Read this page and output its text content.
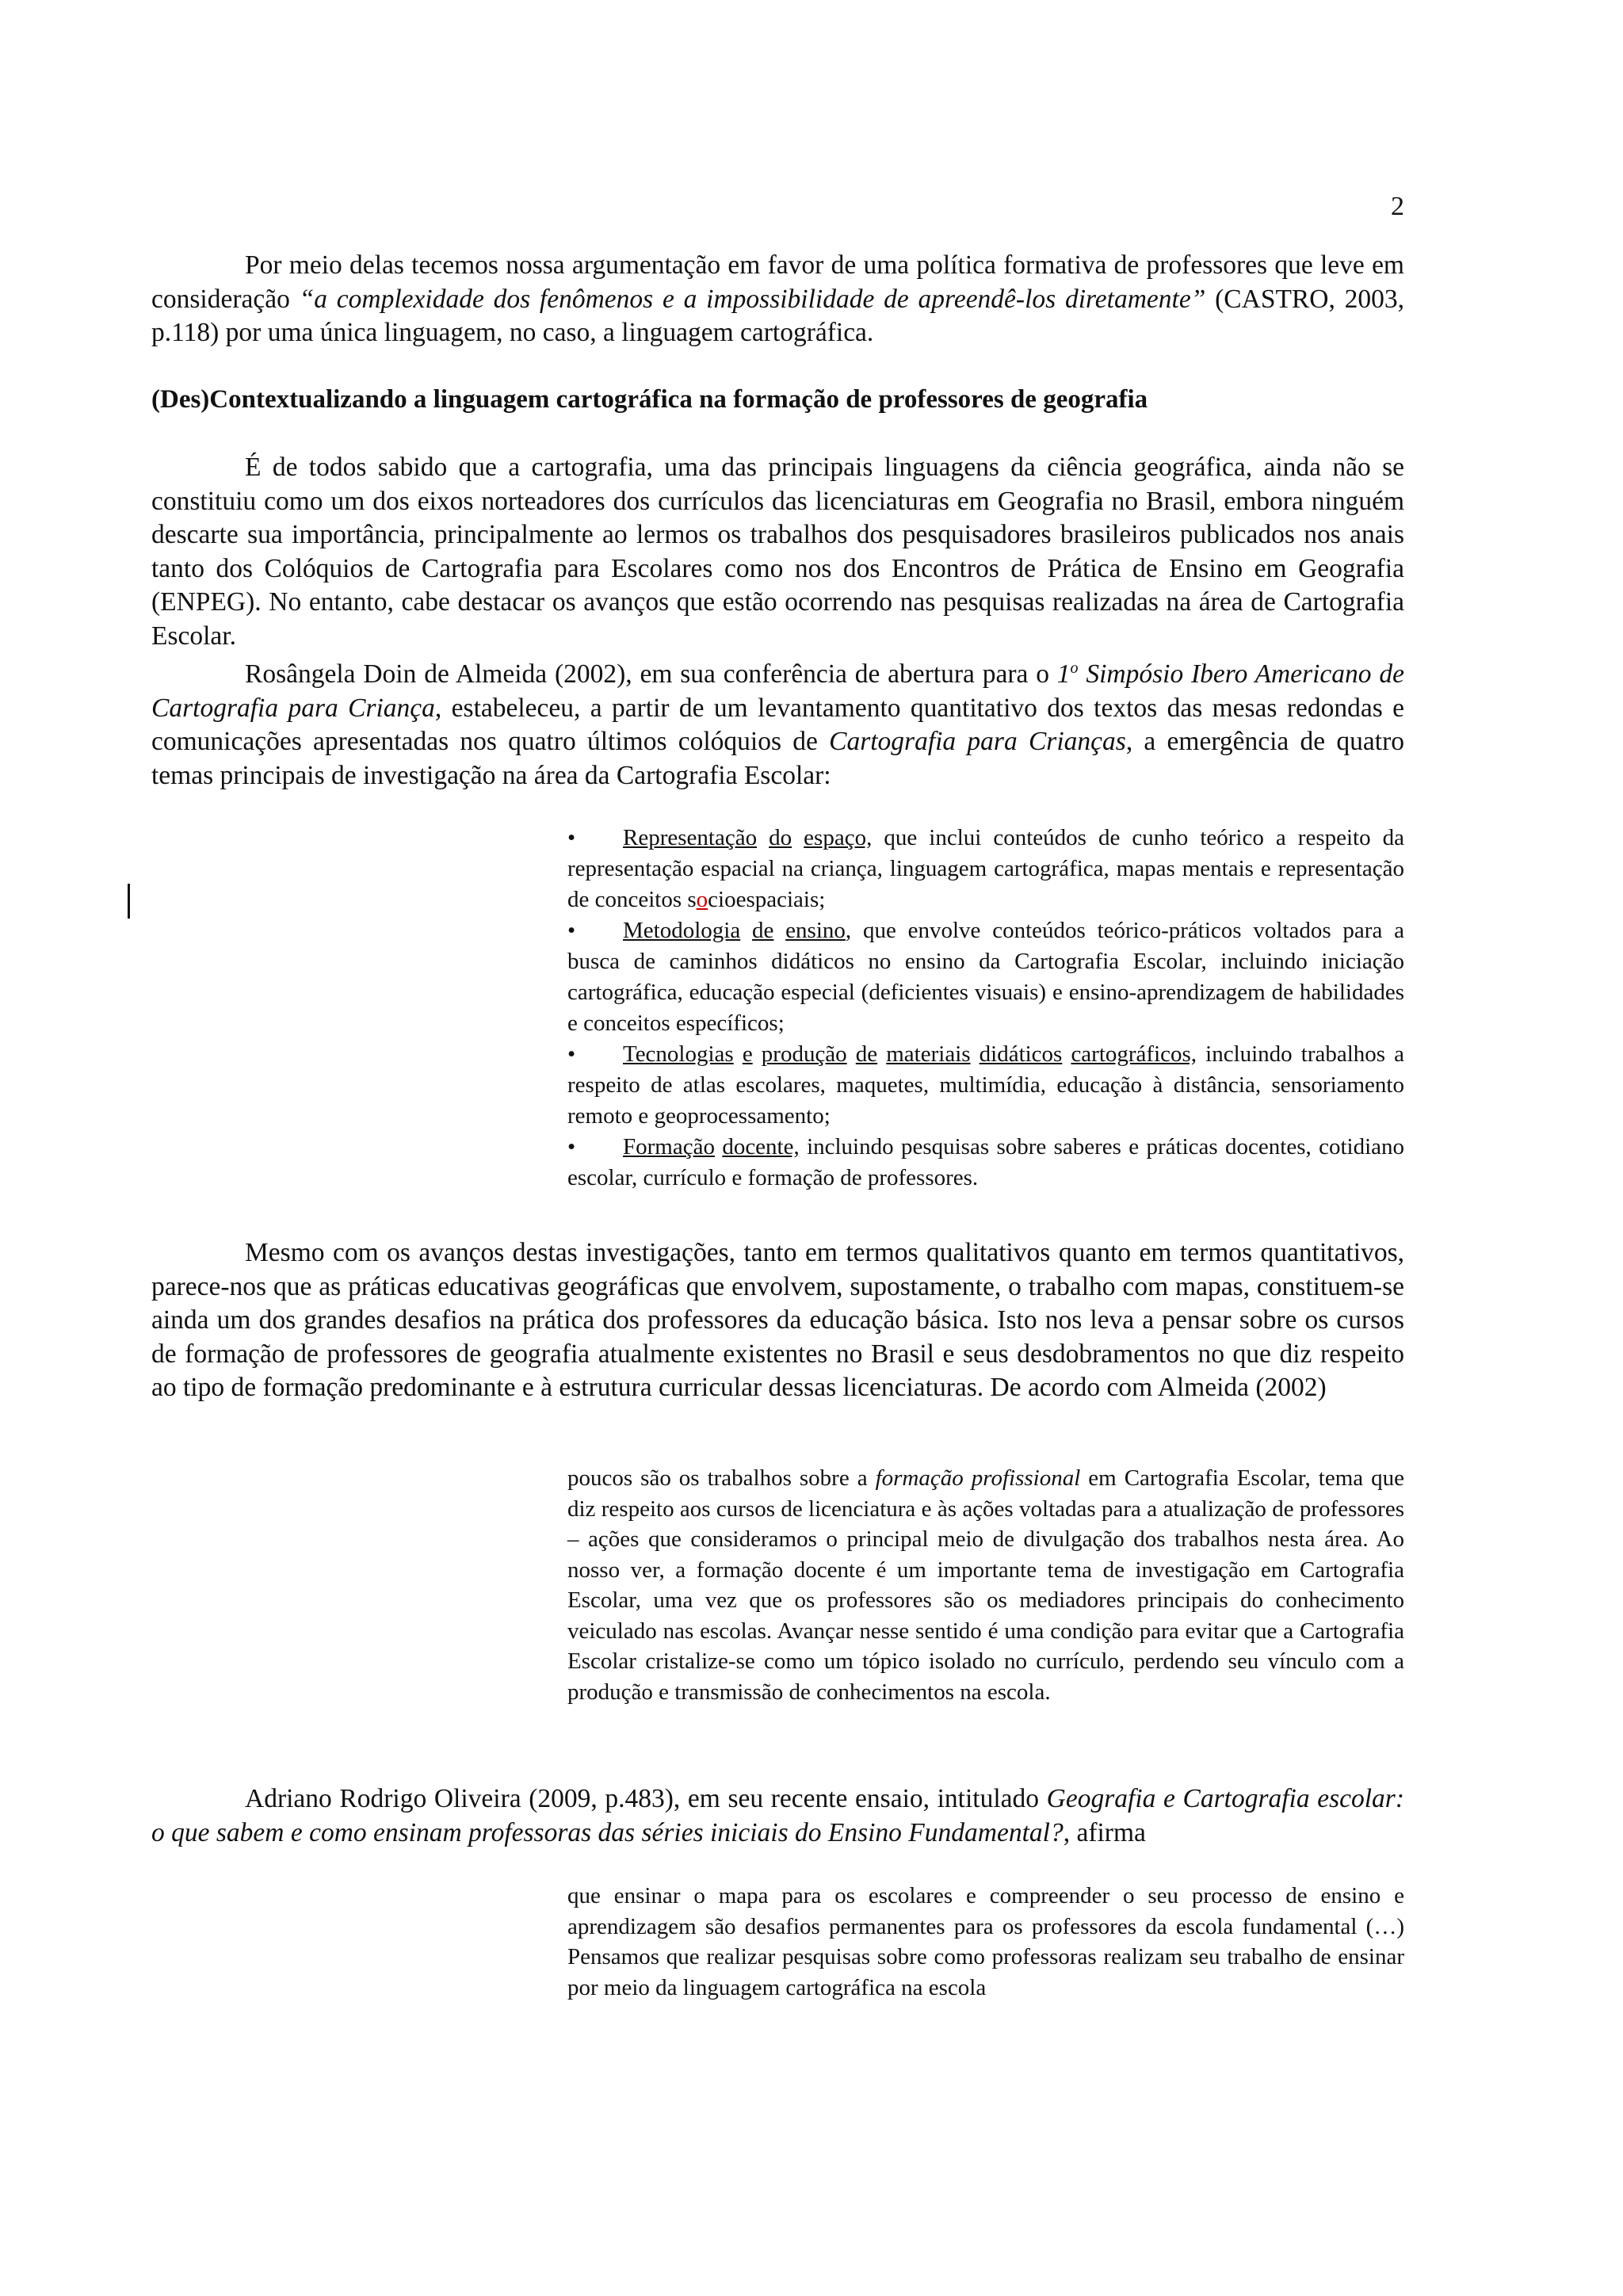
2

Por meio delas tecemos nossa argumentação em favor de uma política formativa de professores que leve em consideração “a complexidade dos fenômenos e a impossibilidade de apreendê-los diretamente” (CASTRO, 2003, p.118) por uma única linguagem, no caso, a linguagem cartográfica.

(Des)Contextualizando a linguagem cartográfica na formação de professores de geografia

É de todos sabido que a cartografia, uma das principais linguagens da ciência geográfica, ainda não se constituiu como um dos eixos norteadores dos currículos das licenciaturas em Geografia no Brasil, embora ninguém descarte sua importância, principalmente ao lermos os trabalhos dos pesquisadores brasileiros publicados nos anais tanto dos Colóquios de Cartografia para Escolares como nos dos Encontros de Prática de Ensino em Geografia (ENPEG). No entanto, cabe destacar os avanços que estão ocorrendo nas pesquisas realizadas na área de Cartografia Escolar.

Rosângela Doin de Almeida (2002), em sua conferência de abertura para o 1$^o$ Simpósio Ibero Americano de Cartografia para Criança, estabeleceu, a partir de um levantamento quantitativo dos textos das mesas redondas e comunicações apresentadas nos quatro últimos colóquios de Cartografia para Crianças, a emergência de quatro temas principais de investigação na área da Cartografia Escolar:

• Representação do espaço, que inclui conteúdos de cunho teórico a respeito da representação espacial na criança, linguagem cartográfica, mapas mentais e representação de conceitos socioespaciais;

• Metodologia de ensino, que envolve conteúdos teórico-práticos voltados para a busca de caminhos didáticos no ensino da Cartografia Escolar, incluindo iniciação cartográfica, educação especial (deficientes visuais) e ensino-aprendizagem de habilidades e conceitos específicos;

• Tecnologias e produção de materiais didáticos cartográficos, incluindo trabalhos a respeito de atlas escolares, maquetes, multimídia, educação à distância, sensoriamento remoto e geoprocessamento;

• Formação docente, incluindo pesquisas sobre saberes e práticas docentes, cotidiano escolar, currículo e formação de professores.

Mesmo com os avanços destas investigações, tanto em termos qualitativos quanto em termos quantitativos, parece-nos que as práticas educativas geográficas que envolvem, supostamente, o trabalho com mapas, constituem-se ainda um dos grandes desafios na prática dos professores da educação básica. Isto nos leva a pensar sobre os cursos de formação de professores de geografia atualmente existentes no Brasil e seus desdobramentos no que diz respeito ao tipo de formação predominante e à estrutura curricular dessas licenciaturas. De acordo com Almeida (2002)

poucos são os trabalhos sobre a formação profissional em Cartografia Escolar, tema que diz respeito aos cursos de licenciatura e às ações voltadas para a atualização de professores – ações que consideramos o principal meio de divulgação dos trabalhos nesta área. Ao nosso ver, a formação docente é um importante tema de investigação em Cartografia Escolar, uma vez que os professores são os mediadores principais do conhecimento veiculado nas escolas. Avançar nesse sentido é uma condição para evitar que a Cartografia Escolar cristalize-se como um tópico isolado no currículo, perdendo seu vínculo com a produção e transmissão de conhecimentos na escola.

Adriano Rodrigo Oliveira (2009, p.483), em seu recente ensaio, intitulado Geografia e Cartografia escolar: o que sabem e como ensinam professoras das séries iniciais do Ensino Fundamental?, afirma

que ensinar o mapa para os escolares e compreender o seu processo de ensino e aprendizagem são desafios permanentes para os professores da escola fundamental (…) Pensamos que realizar pesquisas sobre como professoras realizam seu trabalho de ensinar por meio da linguagem cartográfica na escola
